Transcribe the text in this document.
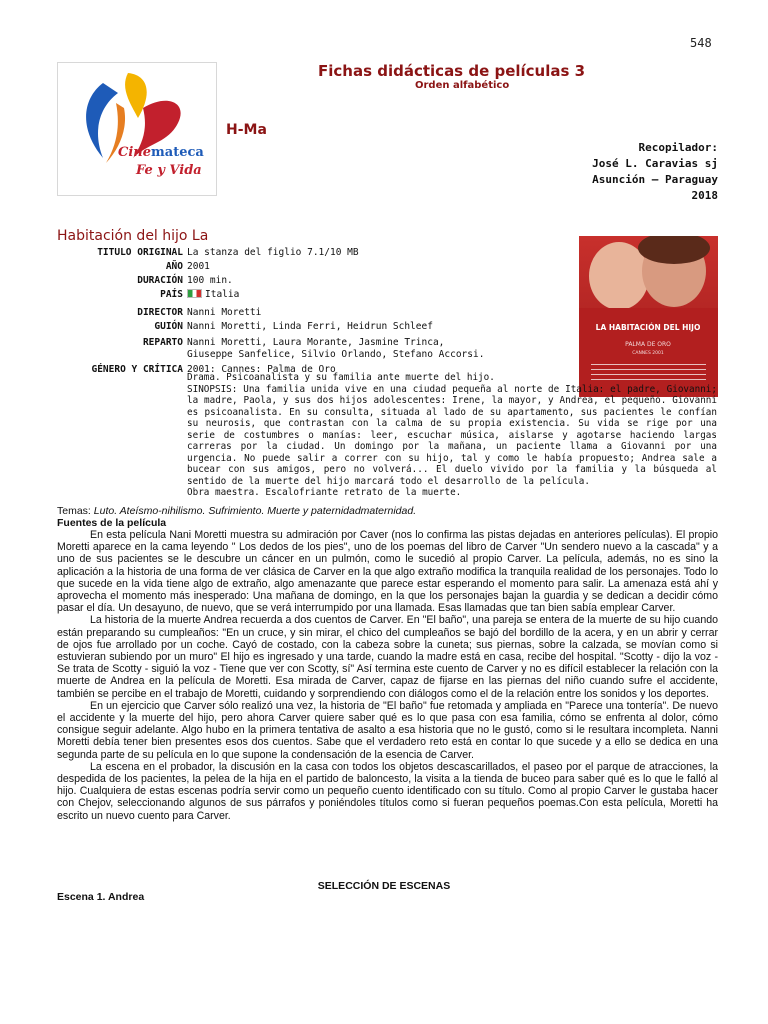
548
Cinemateca
Fe y Vida
Fichas didácticas de películas 3
Orden alfabético
H-Ma
Recopilador:
José L. Caravias sj
Asunción – Paraguay
2018
Habitación del hijo La
LA HABITACIÓN DEL HIJO
PALMA DE ORO
CANNES 2001
TITULO ORIGINAL La stanza del figlio 7.1/10 MB
AÑO 2001
DURACIÓN 100 min.
PAÍS	Italia
DIRECTOR Nanni Moretti
GUIÓN Nanni Moretti, Linda Ferri, Heidrun Schleef
REPARTO Nanni Moretti, Laura Morante, Jasmine Trinca,
Giuseppe Sanfelice, Silvio Orlando, Stefano Accorsi.
GÉNERO Y CRÍTICA 2001: Cannes: Palma de Oro

Drama. Psicoanalista y su familia ante muerte del hijo.

SINOPSIS: Una familia unida vive en una ciudad pequeña al norte de Italia: el padre, Giovanni; la madre, Paola, y sus dos hijos adolescentes: Irene, la mayor, y Andrea, el pequeño. Giovanni es psicoanalista. En su consulta, situada al lado de su apartamento, sus pacientes le confían su neurosis, que contrastan con la calma de su propia existencia. Su vida se rige por una serie de costumbres o manías: leer, escuchar música, aislarse y agotarse haciendo largas carreras por la ciudad. Un domingo por la mañana, un paciente llama a Giovanni por una urgencia. No puede salir a correr con su hijo, tal y como le había propuesto; Andrea sale a bucear con sus amigos, pero no volverá... El duelo vivido por la familia y la búsqueda al sentido de la muerte del hijo marcará todo el desarrollo de la película.

Obra maestra. Escalofriante retrato de la muerte.

Temas: Luto. Ateísmo-nihilismo. Sufrimiento. Muerte y paternidadmaternidad.
Fuentes de la película

En esta película Nani Moretti muestra su admiración por Caver (nos lo confirma las pistas dejadas en anteriores películas). El propio Moretti aparece en la cama leyendo " Los dedos de los pies", uno de los poemas del libro de Carver "Un sendero nuevo a la cascada" y a uno de sus pacientes se le descubre un cáncer en un pulmón, como le sucedió al propio Carver. La película, además, no es sino la aplicación a la historia de una forma de ver clásica de Carver en la que algo extraño modifica la tranquila realidad de los personajes. Todo lo que sucede en la vida tiene algo de extraño, algo amenazante que parece estar esperando el momento para salir. La amenaza está ahí y aprovecha el momento más inesperado: Una mañana de domingo, en la que los personajes bajan la guardia y se dedican a decidir cómo pasar el día. Un desayuno, de nuevo, que se verá interrumpido por una llamada. Esas llamadas que tan bien sabía emplear Carver.

La historia de la muerte Andrea recuerda a dos cuentos de Carver. En "El baño", una pareja se entera de la muerte de su hijo cuando están preparando su cumpleaños: "En un cruce, y sin mirar, el chico del cumpleaños se bajó del bordillo de la acera, y en un abrir y cerrar de ojos fue arrollado por un coche. Cayó de costado, con la cabeza sobre la cuneta; sus piernas, sobre la calzada, se movían como si estuvieran subiendo por un muro" El hijo es ingresado y una tarde, cuando la madre está en casa, recibe del hospital. "Scotty - dijo la voz - Se trata de Scotty - siguió la voz - Tiene que ver con Scotty, sí" Así termina este cuento de Carver y no es difícil establecer la relación con la muerte de Andrea en la película de Moretti. Esa mirada de Carver, capaz de fijarse en las piernas del niño cuando sufre el accidente, también se percibe en el trabajo de Moretti, cuidando y sorprendiendo con diálogos como el de la relación entre los sonidos y los deportes.

En un ejercicio que Carver sólo realizó una vez, la historia de "El baño" fue retomada y ampliada en "Parece una tontería". De nuevo el accidente y la muerte del hijo, pero ahora Carver quiere saber qué es lo que pasa con esa familia, cómo se enfrenta al dolor, cómo consigue seguir adelante. Algo hubo en la primera tentativa de asalto a esa historia que no le gustó, como si le resultara incompleta. Nanni Moretti debía tener bien presentes esos dos cuentos. Sabe que el verdadero reto está en contar lo que sucede y a ello se dedica en una segunda parte de su película en lo que supone la condensación de la esencia de Carver.

La escena en el probador, la discusión en la casa con todos los objetos descascarillados, el paseo por el parque de atracciones, la despedida de los pacientes, la pelea de la hija en el partido de baloncesto, la visita a la tienda de buceo para saber qué es lo que le falló al hijo. Cualquiera de estas escenas podría servir como un pequeño cuento identificado con su título. Como al propio Carver le gustaba hacer con Chejov, seleccionando algunos de sus párrafos y poniéndoles títulos como si fueran pequeños poemas.Con esta película, Moretti ha escrito un nuevo cuento para Carver.

SELECCIÓN DE ESCENAS
Escena 1. Andrea
